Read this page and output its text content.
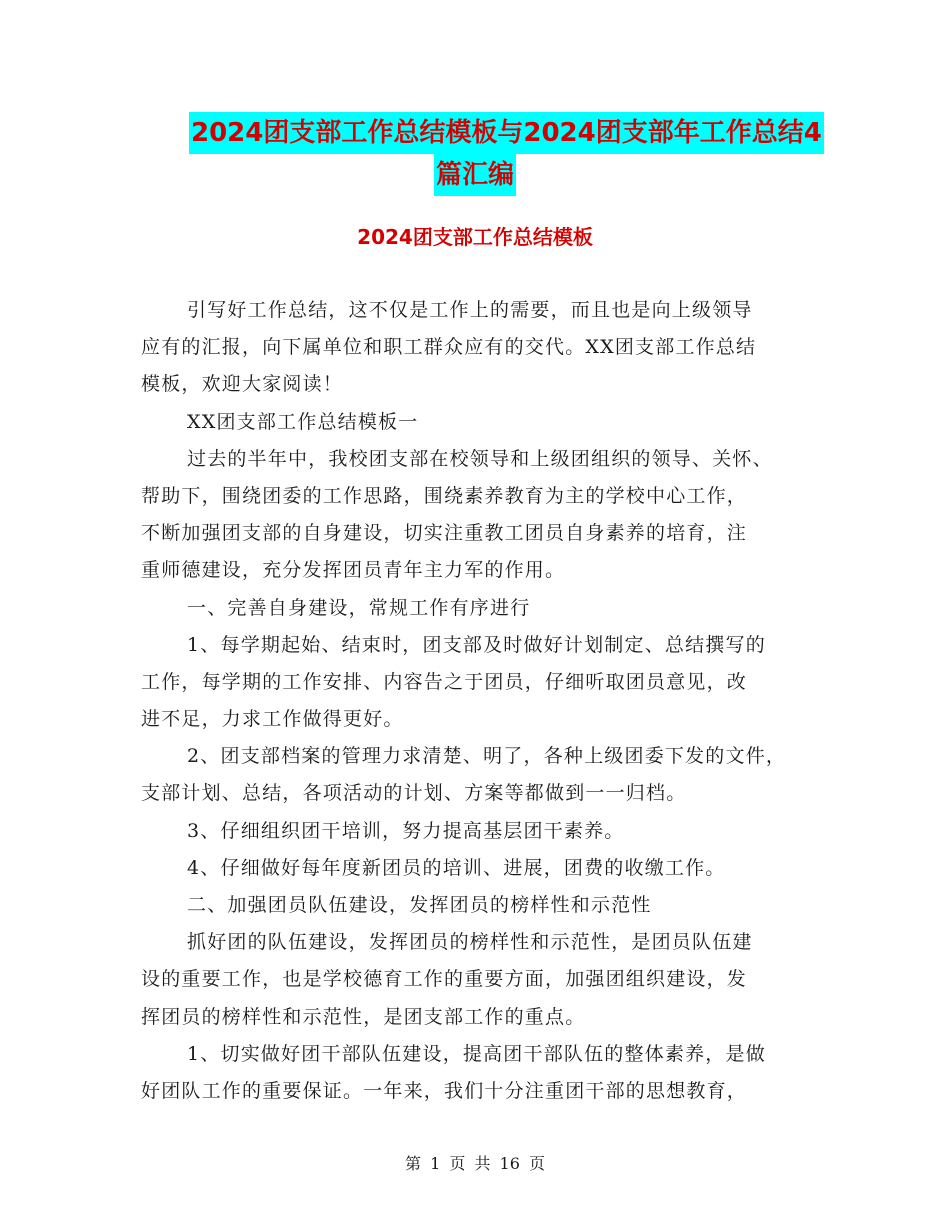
2024团支部工作总结模板与2024团支部年工作总结4
篇汇编
2024团支部工作总结模板
引写好工作总结，这不仅是工作上的需要，而且也是向上级领导
应有的汇报，向下属单位和职工群众应有的交代。XX团支部工作总结
模板，欢迎大家阅读！
XX团支部工作总结模板一
过去的半年中，我校团支部在校领导和上级团组织的领导、关怀、
帮助下，围绕团委的工作思路，围绕素养教育为主的学校中心工作，
不断加强团支部的自身建设，切实注重教工团员自身素养的培育，注
重师德建设，充分发挥团员青年主力军的作用。
一、完善自身建设，常规工作有序进行
1、每学期起始、结束时，团支部及时做好计划制定、总结撰写的
工作，每学期的工作安排、内容告之于团员，仔细听取团员意见，改
进不足，力求工作做得更好。
2、团支部档案的管理力求清楚、明了，各种上级团委下发的文件，
支部计划、总结，各项活动的计划、方案等都做到一一归档。
3、仔细组织团干培训，努力提高基层团干素养。
4、仔细做好每年度新团员的培训、进展，团费的收缴工作。
二、加强团员队伍建设，发挥团员的榜样性和示范性
抓好团的队伍建设，发挥团员的榜样性和示范性，是团员队伍建
设的重要工作，也是学校德育工作的重要方面，加强团组织建设，发
挥团员的榜样性和示范性，是团支部工作的重点。
1、切实做好团干部队伍建设，提高团干部队伍的整体素养，是做
好团队工作的重要保证。一年来，我们十分注重团干部的思想教育，
第 1 页 共 16 页
